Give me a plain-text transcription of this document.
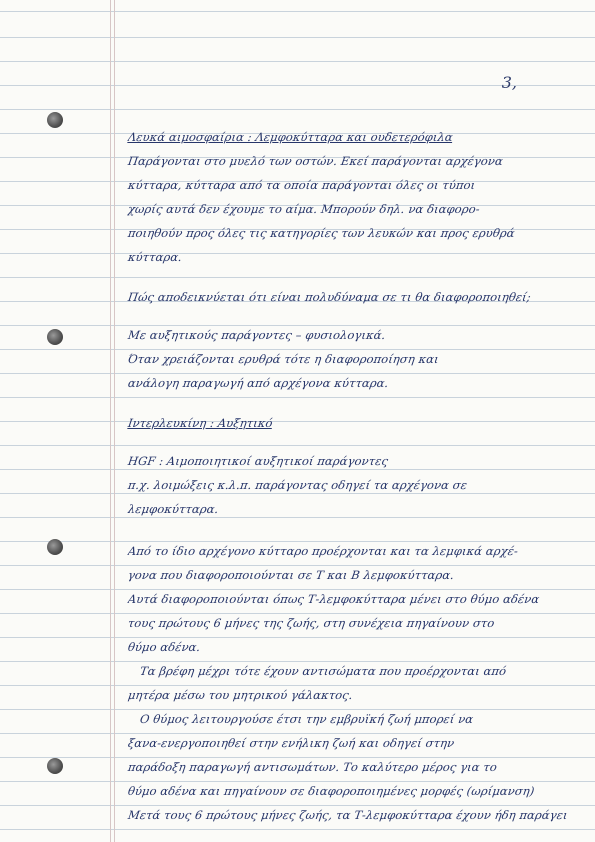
3,
Λευκά αιμοσφαίρια : Λεμφοκύτταρα και ουδετερόφιλα
Παράγονται στο μυελό των οστών. Εκεί παράγονται αρχέγονα
κύτταρα, κύτταρα από τα οποία παράγονται όλες οι τύποι
χωρίς αυτά δεν έχουμε το αίμα. Μπορούν δηλ. να διαφορο-
ποιηθούν προς όλες τις κατηγορίες των λευκών και προς ερυθρά
κύτταρα.
Πώς αποδεικνύεται ότι είναι πολυδύναμα σε τι θα διαφοροποιηθεί;
Με αυξητικούς παράγοντες – φυσιολογικά.
Όταν χρειάζονται ερυθρά τότε η διαφοροποίηση και
ανάλογη παραγωγή από αρχέγονα κύτταρα.
Ιντερλευκίνη : Αυξητικό
HGF : Αιμοποιητικοί αυξητικοί παράγοντες
π.χ. λοιμώξεις κ.λ.π. παράγοντας οδηγεί τα αρχέγονα σε
λεμφοκύτταρα.
Από το ίδιο αρχέγονο κύτταρο προέρχονται και τα λεμφικά αρχέ-
γονα που διαφοροποιούνται σε Τ και Β λεμφοκύτταρα.
Αυτά διαφοροποιούνται όπως Τ-λεμφοκύτταρα μένει στο θύμο αδένα
τους πρώτους 6 μήνες της ζωής, στη συνέχεια πηγαίνουν στο
θύμο αδένα.
Τα βρέφη μέχρι τότε έχουν αντισώματα που προέρχονται από
μητέρα μέσω του μητρικού γάλακτος.
Ο θύμος λειτουργούσε έτσι την εμβρυϊκή ζωή μπορεί να
ξανα-ενεργοποιηθεί στην ενήλικη ζωή και οδηγεί στην
παράδοξη παραγωγή αντισωμάτων. Το καλύτερο μέρος για το
θύμο αδένα και πηγαίνουν σε διαφοροποιημένες μορφές (ωρίμανση)
Μετά τους 6 πρώτους μήνες ζωής, τα Τ-λεμφοκύτταρα έχουν ήδη παράγει
